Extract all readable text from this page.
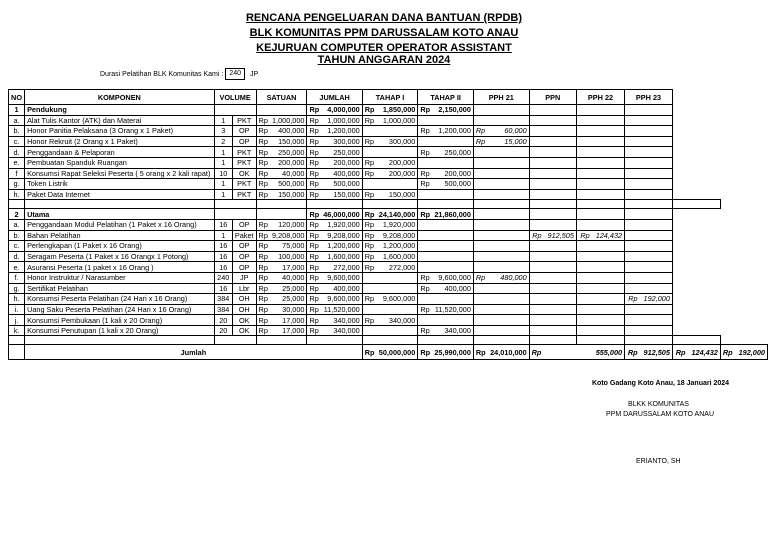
RENCANA PENGELUARAN DANA BANTUAN (RPDB)
BLK KOMUNITAS PPM DARUSSALAM KOTO ANAU
KEJURUAN COMPUTER OPERATOR ASSISTANT
TAHUN ANGGARAN 2024
Durasi Pelatihan BLK Komunitas Kami : 240	JP
NO	KOMPONEN	VOLUME		SATUAN		JUMLAH		TAHAP I		TAHAP II		PPH 21		PPN	PPH 22	PPH 23		
1	Pendukung					Rp	4,000,000	Rp	1,850,000	Rp	2,150,000							
a.	Alat Tulis Kantor (ATK) dan Materai	1	PKT	Rp	1,000,000	Rp	1,000,000	Rp	1,000,000									
b.	Honor Panitia Pelaksana (3 Orang x 1 Paket)	3	OP	Rp	400,000	Rp	1,200,000			Rp	1,200,000	Rp	60,000					
c.	Honor Rekruit (2 Orang x 1 Paket)	2	OP	Rp	150,000	Rp	300,000	Rp	300,000			Rp	15,000					
d.	Penggandaan & Pelaporan	1	PKT	Rp	250,000	Rp	250,000			Rp	250,000							
e.	Pembuatan Spanduk Ruangan	1	PKT	Rp	200,000	Rp	200,000	Rp	200,000									
f	Konsumsi Rapat Seleksi Peserta ( 5 orang x 2 kali rapat)	10	OK	Rp	40,000	Rp	400,000	Rp	200,000	Rp	200,000							
g.	Token Listrik	1	PKT	Rp	500,000	Rp	500,000			Rp	500,000							
h.	Paket Data Internet	1	PKT	Rp	150,000	Rp	150,000	Rp	150,000									

2	Utama					Rp	46,000,000	Rp	24,140,000	Rp	21,860,000							
a.	Penggandaan Modul Pelatihan (1 Paket x 16 Orang)	16	OP	Rp	120,000	Rp	1,920,000	Rp	1,920,000									
b.	Bahan Pelatihan	1	Paket	Rp	9,208,000	Rp	9,208,000	Rp	9,208,000					Rp 912,505	Rp 124,432			
c.	Perlengkapan (1 Paket x 16 Orang)	16	OP	Rp	75,000	Rp	1,200,000	Rp	1,200,000									
d.	Seragam Peserta (1 Paket x 16 Orangx 1 Potong)	16	OP	Rp	100,000	Rp	1,600,000	Rp	1,600,000									
e.	Asuransi Peserta (1 paket x 16 Orang )	16	OP	Rp	17,000	Rp	272,000	Rp	272,000									
f.	Honor Instruktur / Narasumber	240	JP	Rp	40,000	Rp	9,600,000			Rp	9,600,000	Rp	480,000					
g.	Sertifikat Pelatihan	16	Lbr	Rp	25,000	Rp	400,000			Rp	400,000							
h.	Konsumsi Peserta Pelatihan (24 Hari x 16 Orang)	384	OH	Rp	25,000	Rp	9,600,000	Rp	9,600,000							Rp 192,000		
i.	Uang Saku Peserta Pelatihan (24 Hari x 16 Orang)	384	OH	Rp	30,000	Rp	11,520,000			Rp	11,520,000							
j.	Konsumsi Pembukaan (1 kali x 20 Orang)	20	OK	Rp	17,000	Rp	340,000	Rp	340,000									
k.	Konsumsi Penutupan (1 kali x 20 Orang)	20	OK	Rp	17,000	Rp	340,000			Rp	340,000							

	Jumlah							Rp	50,000,000	Rp	25,990,000	Rp	24,010,000	Rp	555,000	Rp 912,505	Rp 124,432	Rp 192,000
Koto Gadang Koto Anau, 18 Januari 2024
BLKK KOMUNITAS
PPM DARUSSALAM KOTO ANAU
ERIANTO, SH
